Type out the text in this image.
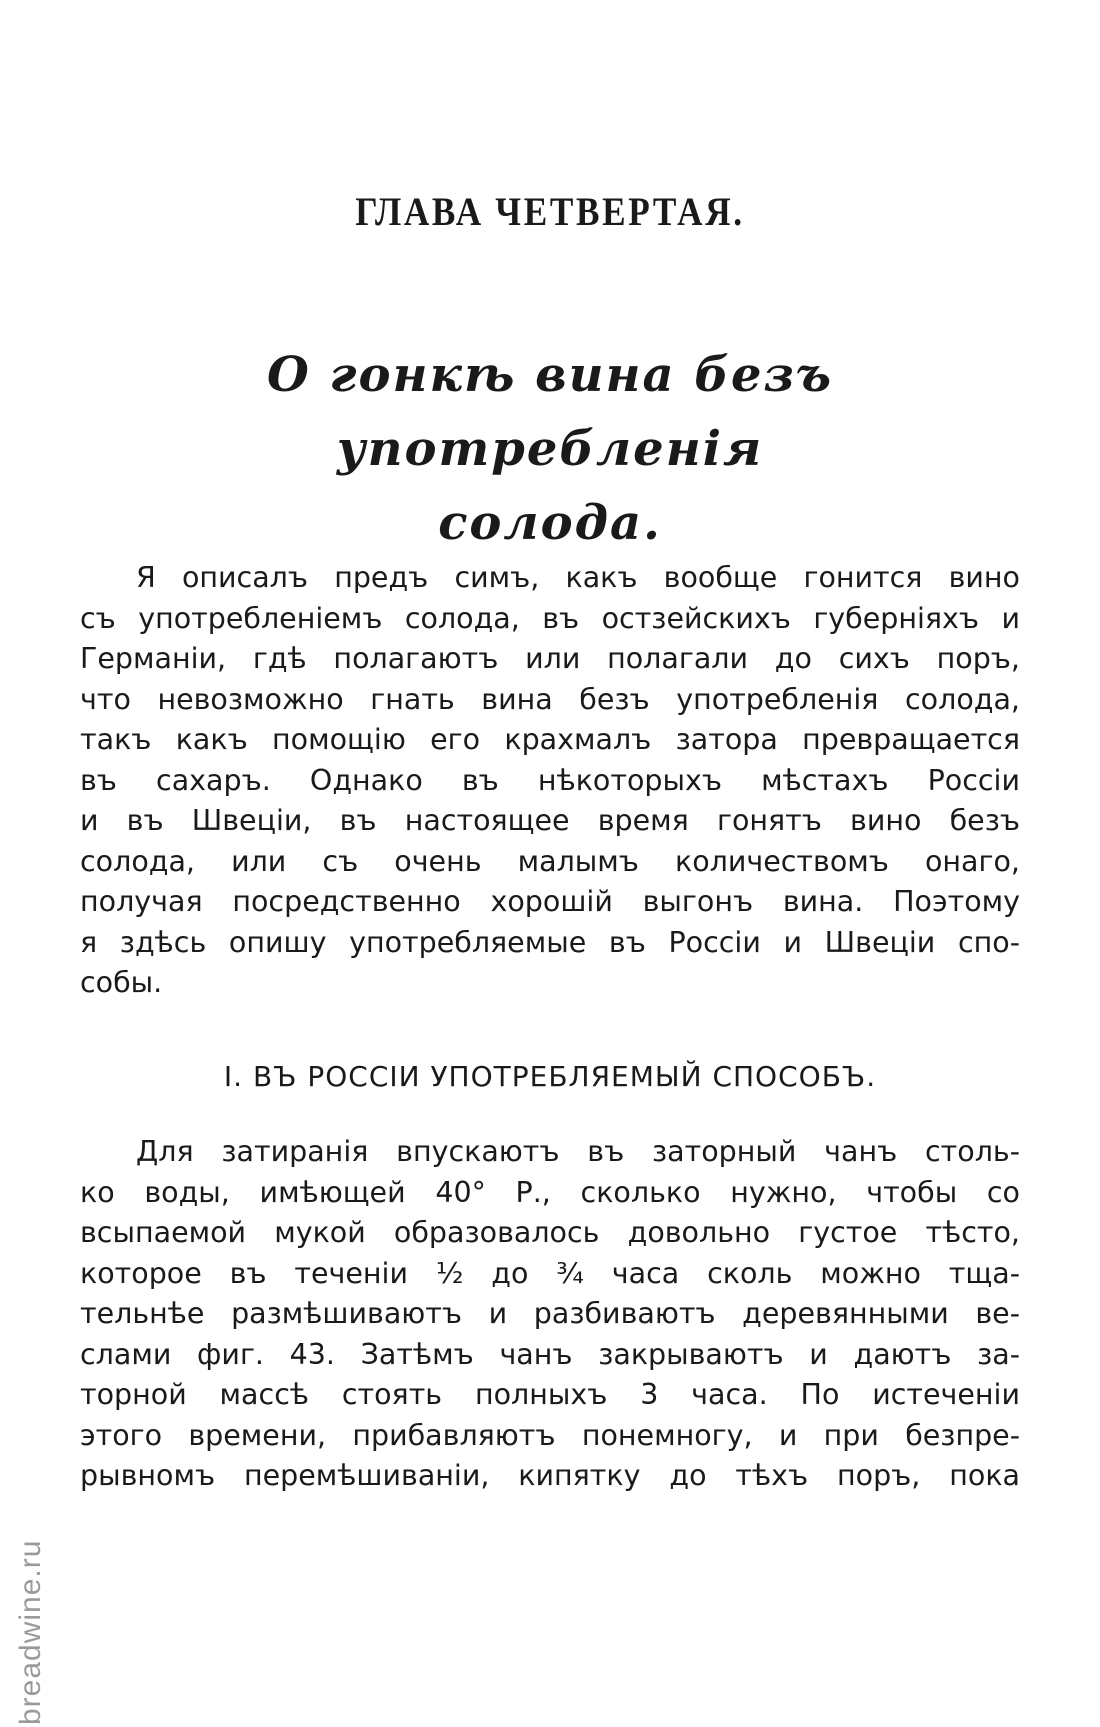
ГЛАВА ЧЕТВЕРТАЯ.
О гонкѣ вина безъ употребленія
солода.
Я описалъ предъ симъ, какъ вообще гонится вино
съ употребленіемъ солода, въ остзейскихъ губерніяхъ и
Германіи, гдѣ полагаютъ или полагали до сихъ поръ,
что невозможно гнать вина безъ употребленія солода,
такъ какъ помощію его крахмалъ затора превращается
въ сахаръ. Однако въ нѣкоторыхъ мѣстахъ Россіи
и въ Швеціи, въ настоящее время гонятъ вино безъ
солода, или съ очень малымъ количествомъ онаго,
получая посредственно хорошій выгонъ вина. Поэтому
я здѣсь опишу употребляемые въ Россіи и Швеціи спо-
собы.
I. ВЪ РОССІИ УПОТРЕБЛЯЕМЫЙ СПОСОБЪ.
Для затиранія впускаютъ въ заторный чанъ столь-
ко воды, имѣющей 40° Р., сколько нужно, чтобы со
всыпаемой мукой образовалось довольно густое тѣсто,
которое въ теченіи ½ до ¾ часа сколь можно тща-
тельнѣе размѣшиваютъ и разбиваютъ деревянными ве-
слами фиг. 43. Затѣмъ чанъ закрываютъ и даютъ за-
торной массѣ стоять полныхъ 3 часа. По истеченіи
этого времени, прибавляютъ понемногу, и при безпре-
рывномъ перемѣшиваніи, кипятку до тѣхъ поръ, пока
breadwine.ru
